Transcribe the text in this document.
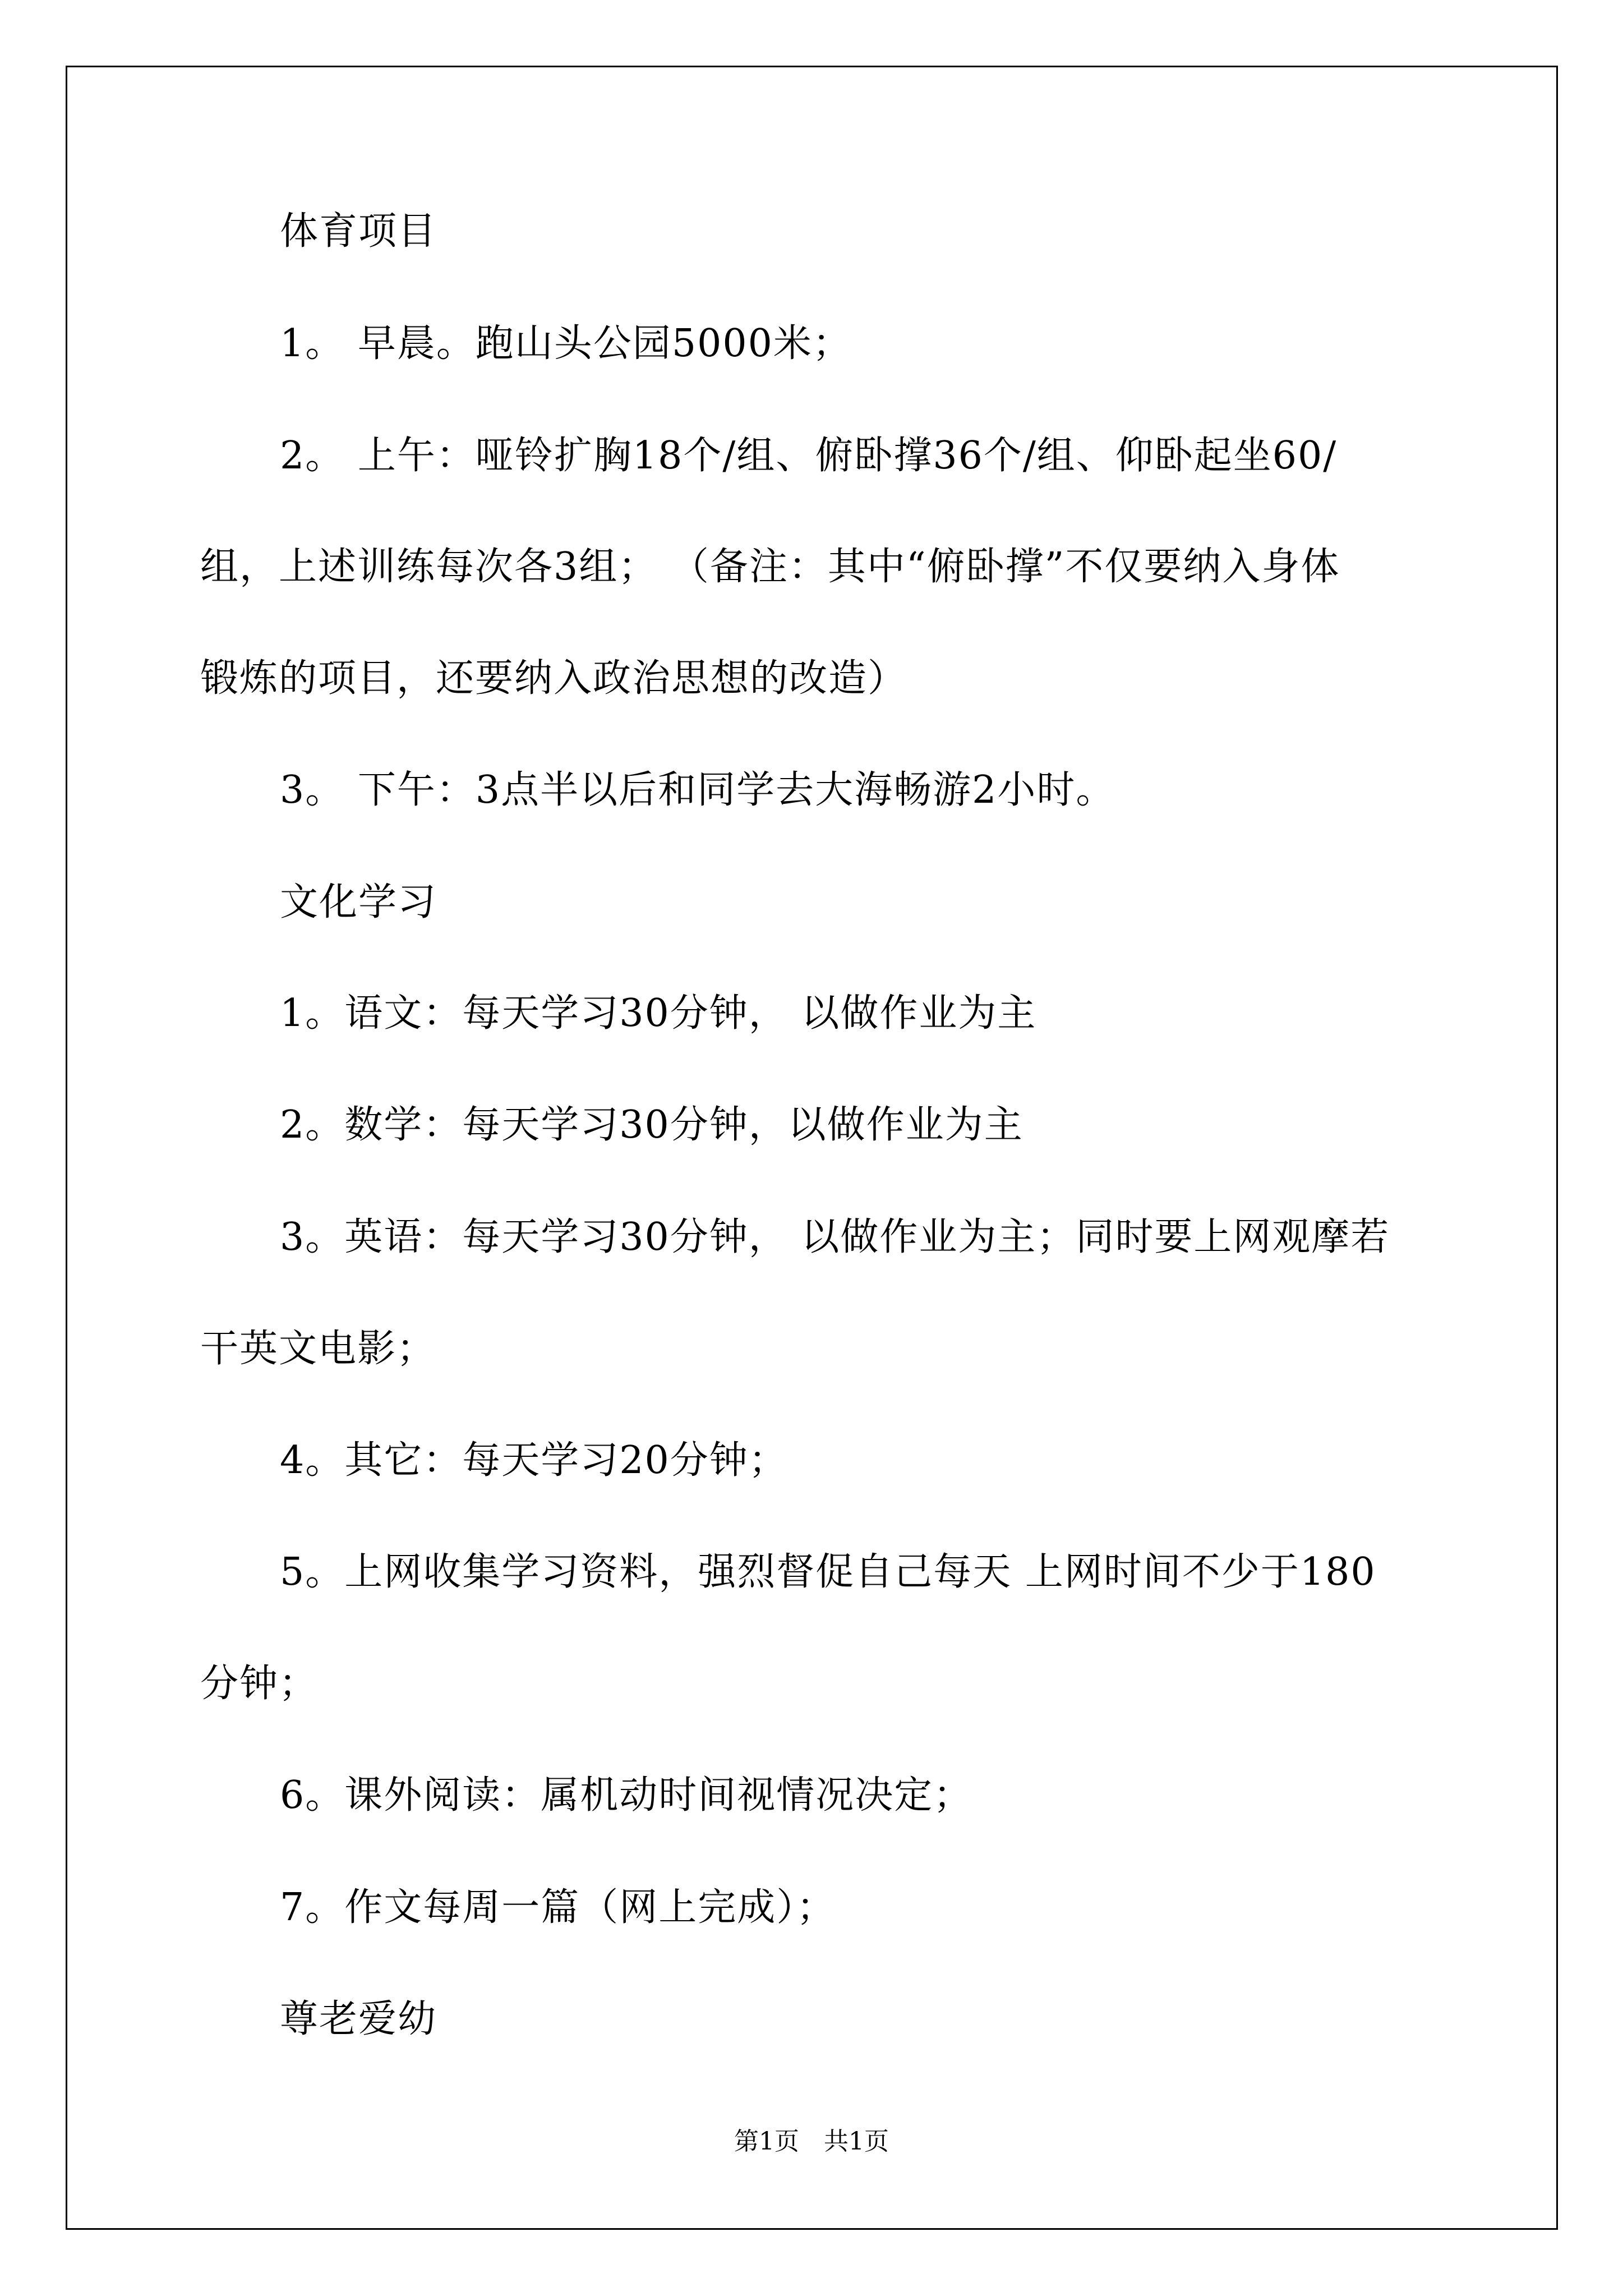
体育项目
1。 早晨。跑山头公园5000米；
2。 上午：哑铃扩胸18个/组、俯卧撑36个/组、仰卧起坐60/
组，上述训练每次各3组； （备注：其中“俯卧撑”不仅要纳入身体
锻炼的项目，还要纳入政治思想的改造）
3。 下午：3点半以后和同学去大海畅游2小时。
文化学习
1。语文：每天学习30分钟， 以做作业为主
2。数学：每天学习30分钟，以做作业为主
3。英语：每天学习30分钟， 以做作业为主；同时要上网观摩若
干英文电影；
4。其它：每天学习20分钟；
5。上网收集学习资料，强烈督促自己每天 上网时间不少于180
分钟；
6。课外阅读：属机动时间视情况决定；
7。作文每周一篇（网上完成）；
尊老爱幼
第1页　共1页
